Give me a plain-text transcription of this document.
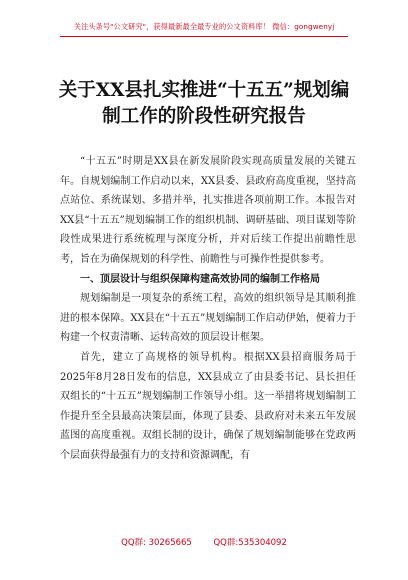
关注头条号"公文研究"，获得最新最全最专业的公文资料库！ 微信：gongwenyj
关于XX县扎实推进“十五五”规划编
制工作的阶段性研究报告

“十五五”时期是XX县在新发展阶段实现高质量发展的关键五年。自规划编制工作启动以来，XX县委、县政府高度重视，坚持高点站位、系统谋划、多措并举，扎实推进各项前期工作。本报告对XX县“十五五”规划编制工作的组织机制、调研基础、项目谋划等阶段性成果进行系统梳理与深度分析，并对后续工作提出前瞻性思考，旨在为确保规划的科学性、前瞻性与可操作性提供参考。

一、顶层设计与组织保障构建高效协同的编制工作格局

规划编制是一项复杂的系统工程，高效的组织领导是其顺利推进的根本保障。XX县在“十五五”规划编制工作启动伊始，便着力于构建一个权责清晰、运转高效的顶层设计框架。

首先，建立了高规格的领导机构。根据XX县招商服务局于2025年8月28日发布的信息，XX县成立了由县委书记、县长担任双组长的“十五五”规划编制工作领导小组。这一举措将规划编制工作提升至全县最高决策层面，体现了县委、县政府对未来五年发展蓝图的高度重视。双组长制的设计，确保了规划编制能够在党政两个层面获得最强有力的支持和资源调配，有

QQ群: 30265665        QQ群:535304092
